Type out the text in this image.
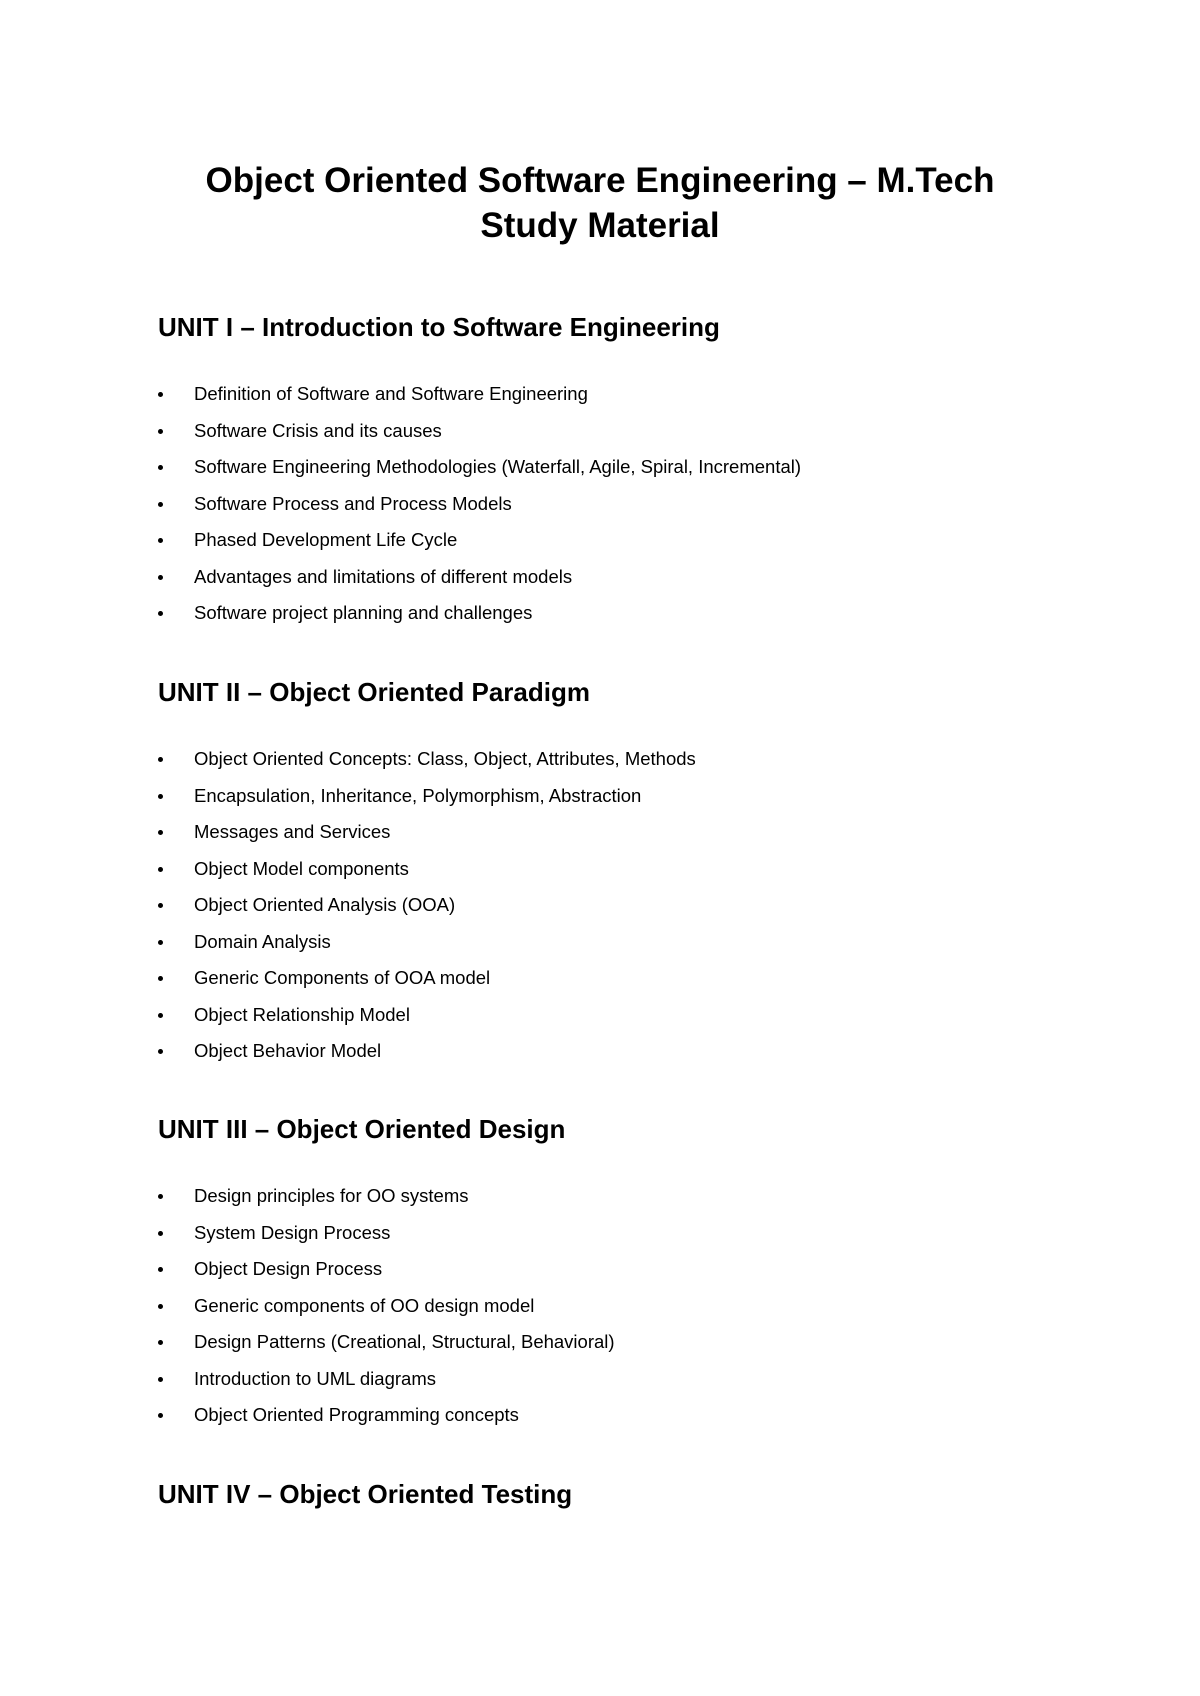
Object Oriented Software Engineering – M.Tech
Study Material
UNIT I – Introduction to Software Engineering
Definition of Software and Software Engineering
Software Crisis and its causes
Software Engineering Methodologies (Waterfall, Agile, Spiral, Incremental)
Software Process and Process Models
Phased Development Life Cycle
Advantages and limitations of different models
Software project planning and challenges
UNIT II – Object Oriented Paradigm
Object Oriented Concepts: Class, Object, Attributes, Methods
Encapsulation, Inheritance, Polymorphism, Abstraction
Messages and Services
Object Model components
Object Oriented Analysis (OOA)
Domain Analysis
Generic Components of OOA model
Object Relationship Model
Object Behavior Model
UNIT III – Object Oriented Design
Design principles for OO systems
System Design Process
Object Design Process
Generic components of OO design model
Design Patterns (Creational, Structural, Behavioral)
Introduction to UML diagrams
Object Oriented Programming concepts
UNIT IV – Object Oriented Testing
